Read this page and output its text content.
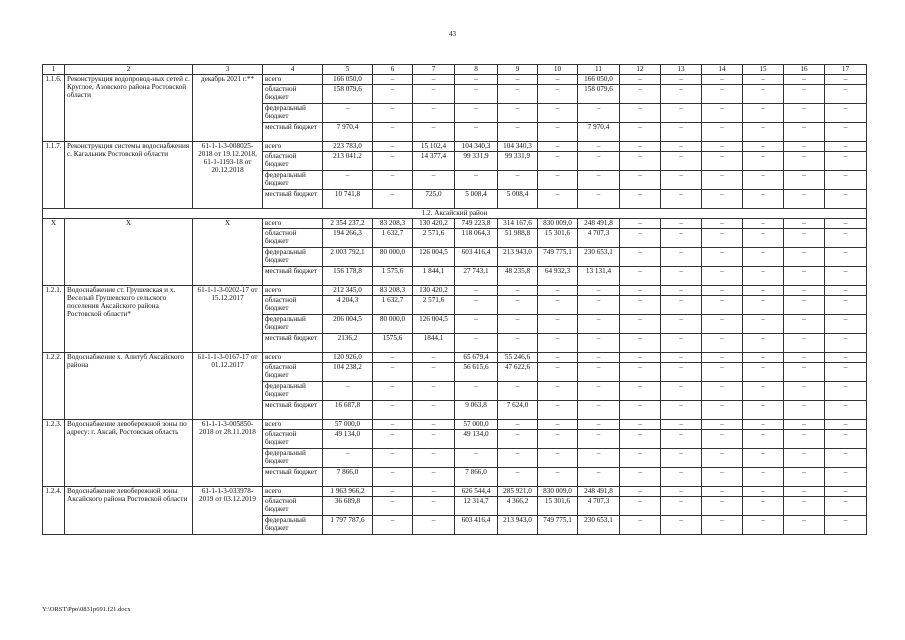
43
1	2	3	4	5	6	7	8	9	10	11	12	13	14	15	16	17
1.1.6.	Реконструкция водопровод-ных сетей с. Круглое, Азовского района Ростовской области	декабрь 2021 г.**	всего	166 050,0	–	–	–	–	–	166 050,0	–	–	–	–	–	–
			областной бюджет	158 079,6	–	–	–	–	–	158 079,6	–	–	–	–	–	–
			федеральный бюджет	–	–	–	–	–	–	–	–	–	–	–	–	–
			местный бюджет	7 970,4	–	–	–	–	–	7 970,4	–	–	–	–	–	–
1.1.7.	Реконструкция системы водоснабжения с. Кагальник Ростовской области	61-1-1-3-008025-2018 от 19.12.2018, 61-1-1193-18 от 20.12.2018	всего	223 783,0	–	15 102,4	104 340,3	104 340,3	–	–	–	–	–	–	–	–
			областной бюджет	213 041,2	–	14 377,4	99 331,9	99 331,9	–	–	–	–	–	–	–	–
			федеральный бюджет	–	–	–	–	–	–	–	–	–	–	–	–	–
			местный бюджет	10 741,8	–	725,0	5 008,4	5 008,4	–	–	–	–	–	–	–	–
1.2. Аксайский район																
Х	Х	Х	всего	2 354 237,2	83 208,3	130 420,2	749 223,8	314 167,6	830 009,0	248 491,8	–	–	–	–	–	–
			областной бюджет	194 266,3	1 632,7	2 571,6	118 064,3	51 988,8	15 301,6	4 707,3	–	–	–	–	–	–
			федеральный бюджет	2 003 792,1	80 000,0	126 004,5	603 416,4	213 943,0	749 775,1	230 653,1	–	–	–	–	–	–
			местный бюджет	156 178,8	1 575,6	1 844,1	27 743,1	48 235,8	64 932,3	13 131,4	–	–	–	–	–	–
1.2.1.	Водоснабжение ст. Грушевская и х. Веселый Грушевского сельского поселения Аксайского района Ростовской области*	61-1-1-3-0202-17 от 15.12.2017	всего	212 345,0	83 208,3	130 420,2	–	–	–	–	–	–	–	–	–	–
			областной бюджет	4 204,3	1 632,7	2 571,6	–	–	–	–	–	–	–	–	–	–
			федеральный бюджет	206 004,5	80 000,0	126 004,5	–	–	–	–	–	–	–	–	–	–
			местный бюджет	2136,2	1575,6	1844,1	–	–	–	–	–	–	–	–	–	–
1.2.2.	Водоснабжение х. Алитуб Аксайского района	61-1-1-3-0167-17 от 01.12.2017	всего	120 926,0	–	–	65 679,4	55 246,6	–	–	–	–	–	–	–	–
			областной бюджет	104 238,2	–	–	56 615,6	47 622,6	–	–	–	–	–	–	–	–
			федеральный бюджет	–	–	–	–	–	–	–	–	–	–	–	–	–
			местный бюджет	16 687,8	–	–	9 063,8	7 624,0	–	–	–	–	–	–	–	–
1.2.3.	Водоснабжение левобережной зоны по адресу: г. Аксай, Ростовская область	61-1-1-3-005850-2018 от 28.11.2018	всего	57 000,0	–	–	57 000,0	–	–	–	–	–	–	–	–	–
			областной бюджет	49 134,0	–	–	49 134,0	–	–	–	–	–	–	–	–	–
			федеральный бюджет	–	–	–	–	–	–	–	–	–	–	–	–	–
			местный бюджет	7 866,0	–	–	7 866,0	–	–	–	–	–	–	–	–	–
1.2.4.	Водоснабжение левобережной зоны Аксайского района Ростовской области	61-1-1-3-033978-2019 от 03.12.2019	всего	1 963 966,2	–	–	626 544,4	285 921,0	830 009,0	248 491,8	–	–	–	–	–	–
			областной бюджет	36 689,8	–	–	12 314,7	4 366,2	15 301,6	4 707,3	–	–	–	–	–	–
			федеральный бюджет	1 797 787,6	–	–	603 416,4	213 943,0	749 775,1	230 653,1	–	–	–	–	–	–
Y:\ORST\Ppo\0831p691.f21.docx
